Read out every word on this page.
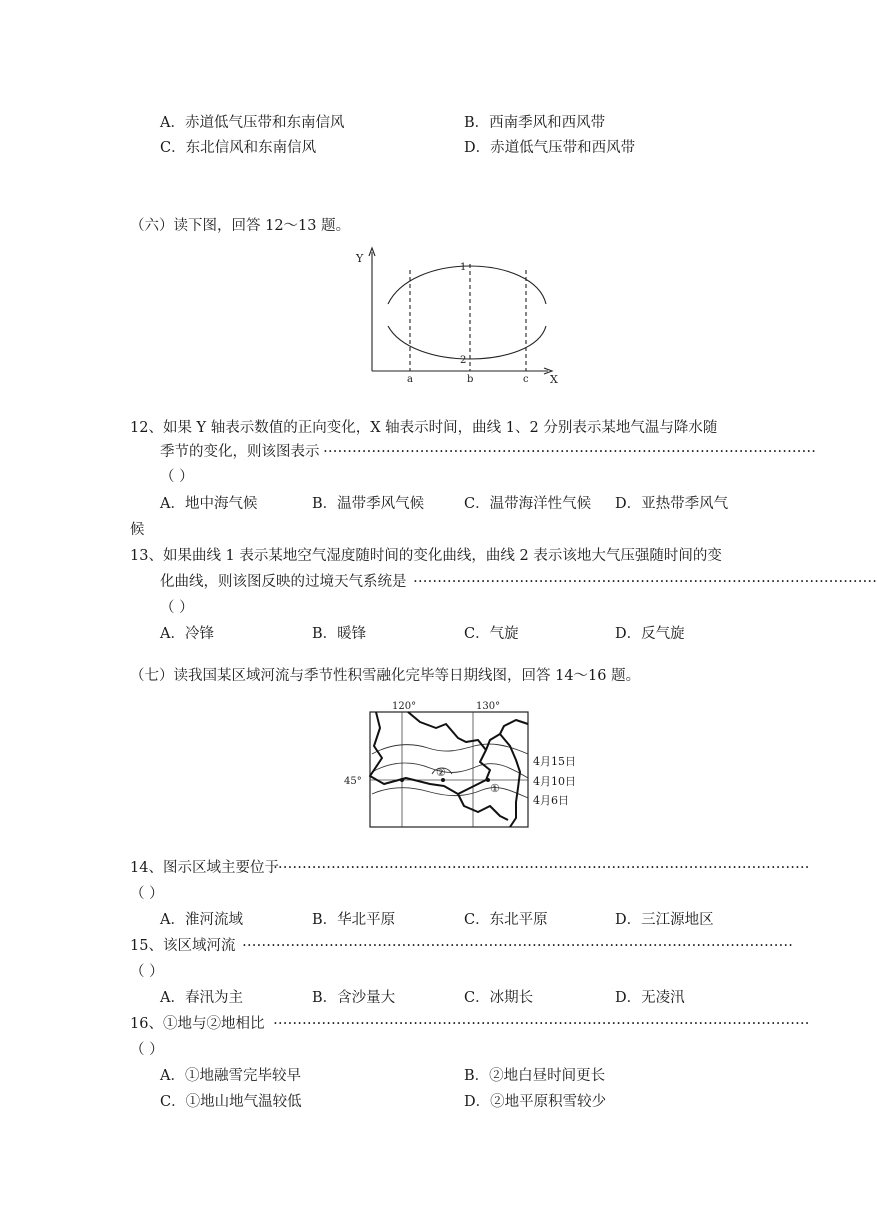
A．赤道低气压带和东南信风	B．西南季风和西风带
C．东北信风和东南信风	D．赤道低气压带和西风带
（六）读下图，回答 12～13 题。
Y
X
1
2
a	b	c
12、如果 Y 轴表示数值的正向变化，X 轴表示时间，曲线 1、2 分别表示某地气温与降水随
季节的变化，则该图表示 …………………………………………………………………………………………
（ ）
A．地中海气候	B．温带季风气候	C．温带海洋性气候 D．亚热带季风气
候
13、如果曲线 1 表示某地空气湿度随时间的变化曲线，曲线 2 表示该地大气压强随时间的变
化曲线，则该图反映的过境天气系统是 ……………………………………………………………………………………
（ ）
A．冷锋	B．暖锋	C．气旋	D．反气旋
（七）读我国某区域河流与季节性积雪融化完毕等日期线图，回答 14～16 题。
120°	130°
45°
②
①
4月15日
4月10日
4月6日
14、图示区域主要位于
…………………………………………………………………………………………………
（ ）
A．淮河流域	B．华北平原	C．东北平原	D．三江源地区
15、该区域河流 ……………………………………………………………………………………………………
（ ）
A．春汛为主	B．含沙量大	C．冰期长	D．无凌汛
16、①地与②地相比 …………………………………………………………………………………………………
（ ）
A．①地融雪完毕较早	B．②地白昼时间更长
C．①地山地气温较低	D．②地平原积雪较少
